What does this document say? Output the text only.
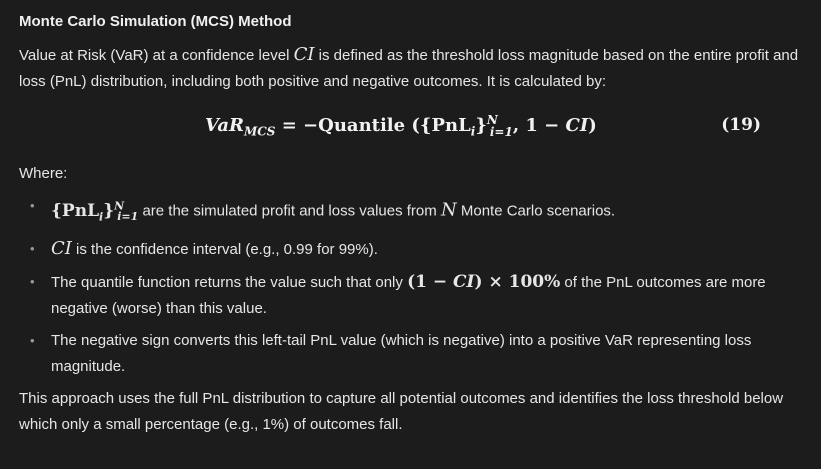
Monte Carlo Simulation (MCS) Method

Value at Risk (VaR) at a confidence level CI is defined as the threshold loss magnitude based on the entire profit and loss (PnL) distribution, including both positive and negative outcomes. It is calculated by:

VaR$_{MCS}$ = −Quantile ($\{PnL_i\}^N_{i=1}$, 1 − CI)	(19)

Where:

• $\{PnL_i\}^N_{i=1}$ are the simulated profit and loss values from N Monte Carlo scenarios.
• CI is the confidence interval (e.g., 0.99 for 99%).
• The quantile function returns the value such that only (1 − CI) × 100% of the PnL outcomes are more negative (worse) than this value.
• The negative sign converts this left-tail PnL value (which is negative) into a positive VaR representing loss magnitude.

This approach uses the full PnL distribution to capture all potential outcomes and identifies the loss threshold below which only a small percentage (e.g., 1%) of outcomes fall.
